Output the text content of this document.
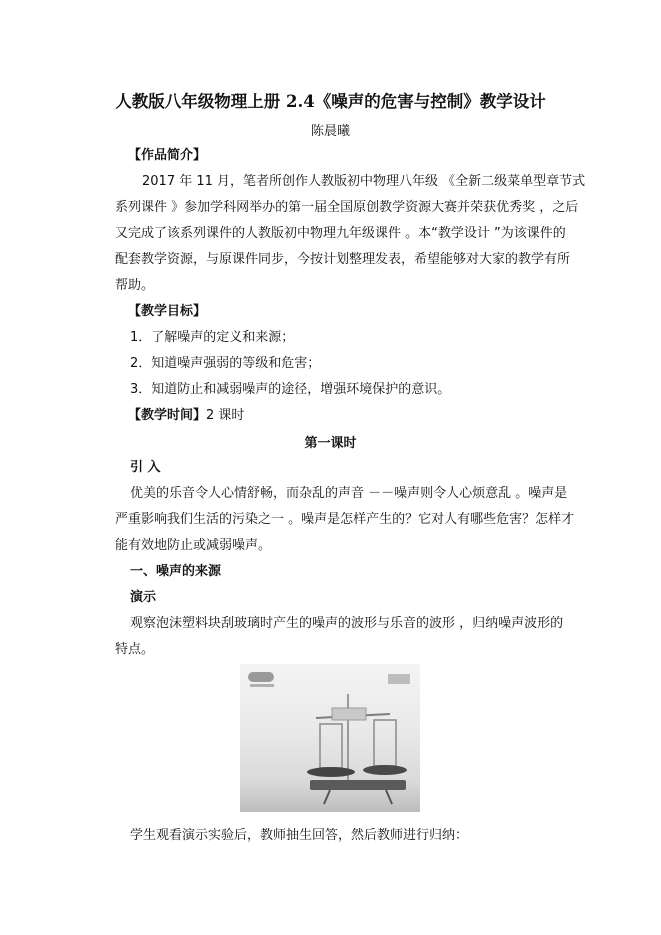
人教版八年级物理上册 2.4《噪声的危害与控制》教学设计
陈晨曦
【作品简介】
2017 年 11 月，笔者所创作人教版初中物理八年级 《全新二级菜单型章节式
系列课件 》参加学科网举办的第一届全国原创教学资源大赛并荣获优秀奖 ，之后
又完成了该系列课件的人教版初中物理九年级课件 。本“教学设计 ”为该课件的
配套教学资源，与原课件同步，今按计划整理发表，希望能够对大家的教学有所
帮助。
【教学目标】
1．了解噪声的定义和来源；
2．知道噪声强弱的等级和危害；
3．知道防止和减弱噪声的途径，增强环境保护的意识。
【教学时间】2 课时
第一课时
引 入
优美的乐音令人心情舒畅，而杂乱的声音 －－噪声则令人心烦意乱 。噪声是
严重影响我们生活的污染之一 。噪声是怎样产生的？它对人有哪些危害？怎样才
能有效地防止或减弱噪声。
一、噪声的来源
演示
观察泡沫塑料块刮玻璃时产生的噪声的波形与乐音的波形 ，归纳噪声波形的
特点。
学生观看演示实验后，教师抽生回答，然后教师进行归纳：
